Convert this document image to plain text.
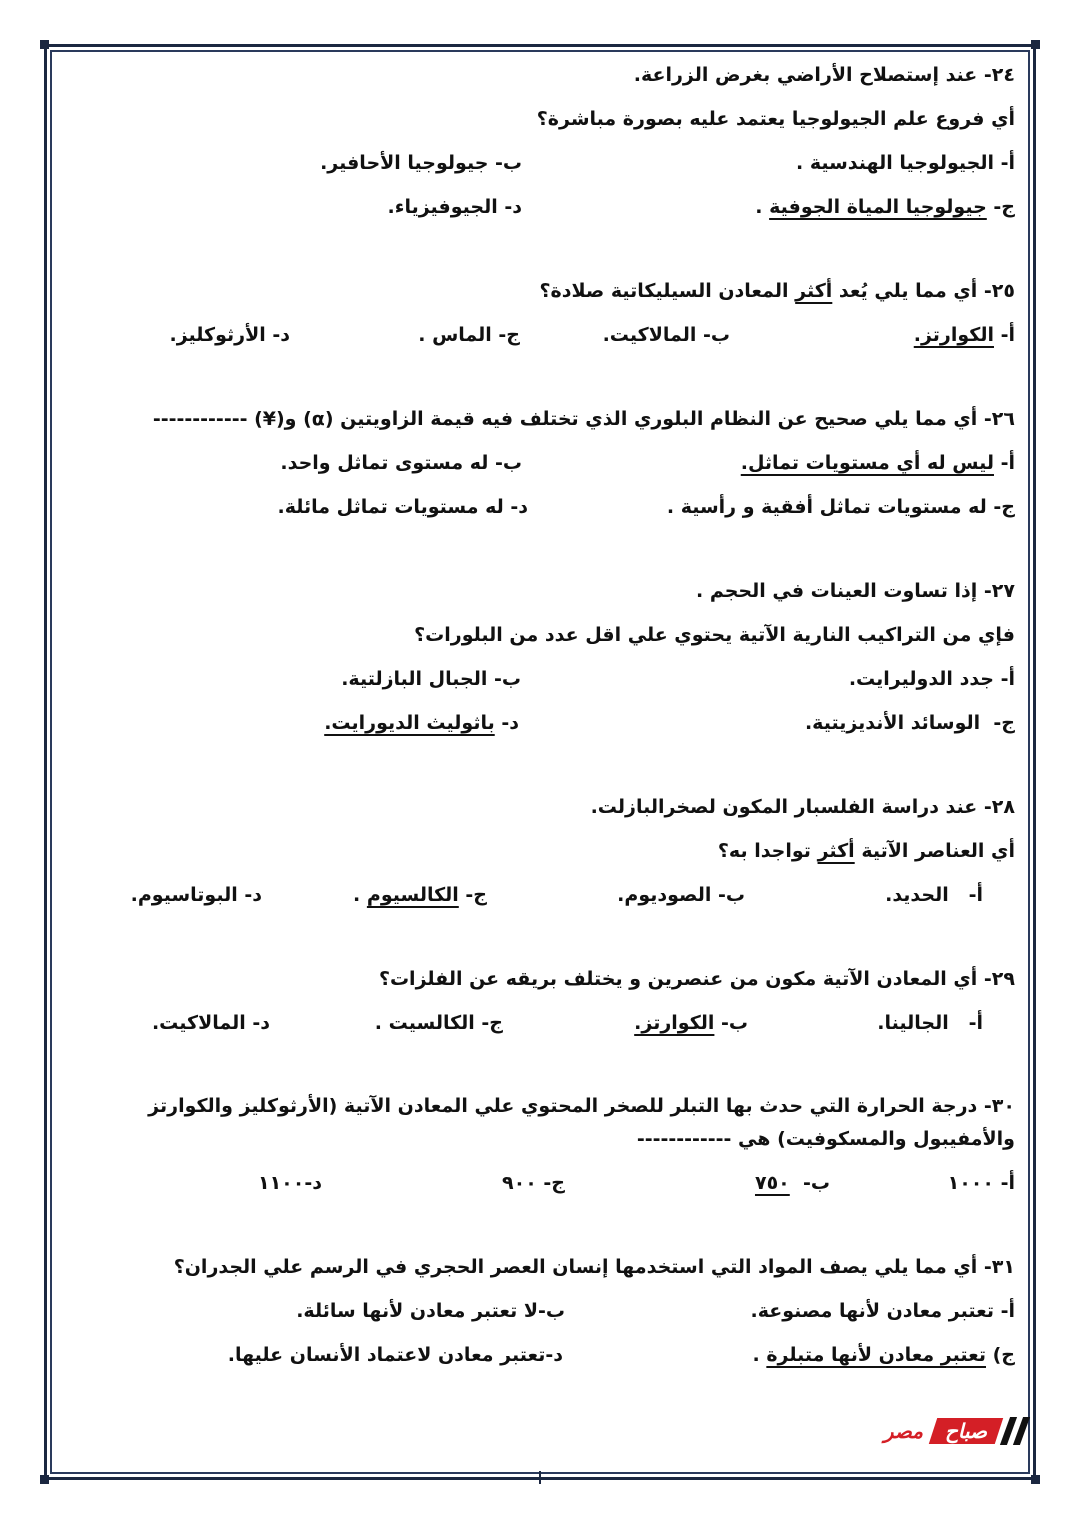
٢٤- عند إستصلاح الأراضي بغرض الزراعة.
أي فروع علم الجيولوجيا يعتمد عليه بصورة مباشرة؟
أ- الجيولوجيا الهندسية .
ب- جيولوجيا الأحافير.
ج- جيولوجيا المياة الجوفية .
د- الجيوفيزياء.
٢٥- أي مما يلي يُعد أكثر المعادن السيليكاتية صلادة؟
أ- الكوارتز.
ب- المالاكيت.
ج- الماس .
د- الأرثوكليز.
٢٦- أي مما يلي صحيح عن النظام البلوري الذي تختلف فيه قيمة الزاويتين (α) و(¥) ------------
أ- ليس له أي مستويات تماثل.
ب- له مستوى تماثل واحد.
ج- له مستويات تماثل أفقية و رأسية .
د- له مستويات تماثل مائلة.
٢٧- إذا تساوت العينات في الحجم .
فإي من التراكيب النارية الآتية يحتوي علي اقل عدد من البلورات؟
أ- جدد الدوليرايت.
ب- الجبال البازلتية.
ج-  الوسائد الأنديزيتية.
د- باثوليث الديورايت.
٢٨- عند دراسة الفلسبار المكون لصخرالبازلت.
أي العناصر الآتية أكثر تواجدا به؟
أ-   الحديد.
ب- الصوديوم.
ج- الكالسيوم .
د- البوتاسيوم.
٢٩- أي المعادن الآتية مكون من عنصرين و يختلف بريقه عن الفلزات؟
أ-   الجالينا.
ب- الكوارتز.
ج- الكالسيت .
د- المالاكيت.
٣٠- درجة الحرارة التي حدث بها التبلر للصخر المحتوي علي المعادن الآتية (الأرثوكليز والكوارتز والأمفيبول والمسكوفيت) هي ------------
أ- ١٠٠٠
ب-  ٧٥٠
ج- ٩٠٠
د-١١٠٠
٣١- أي مما يلي يصف المواد التي استخدمها إنسان العصر الحجري في الرسم علي الجدران؟
أ- تعتبر معادن لأنها مصنوعة.
ب-لا تعتبر معادن لأنها سائلة.
ج) تعتبر معادن لأنها متبلرة .
د-تعتبر معادن لاعتماد الأنسان عليها.
مصر صباح
